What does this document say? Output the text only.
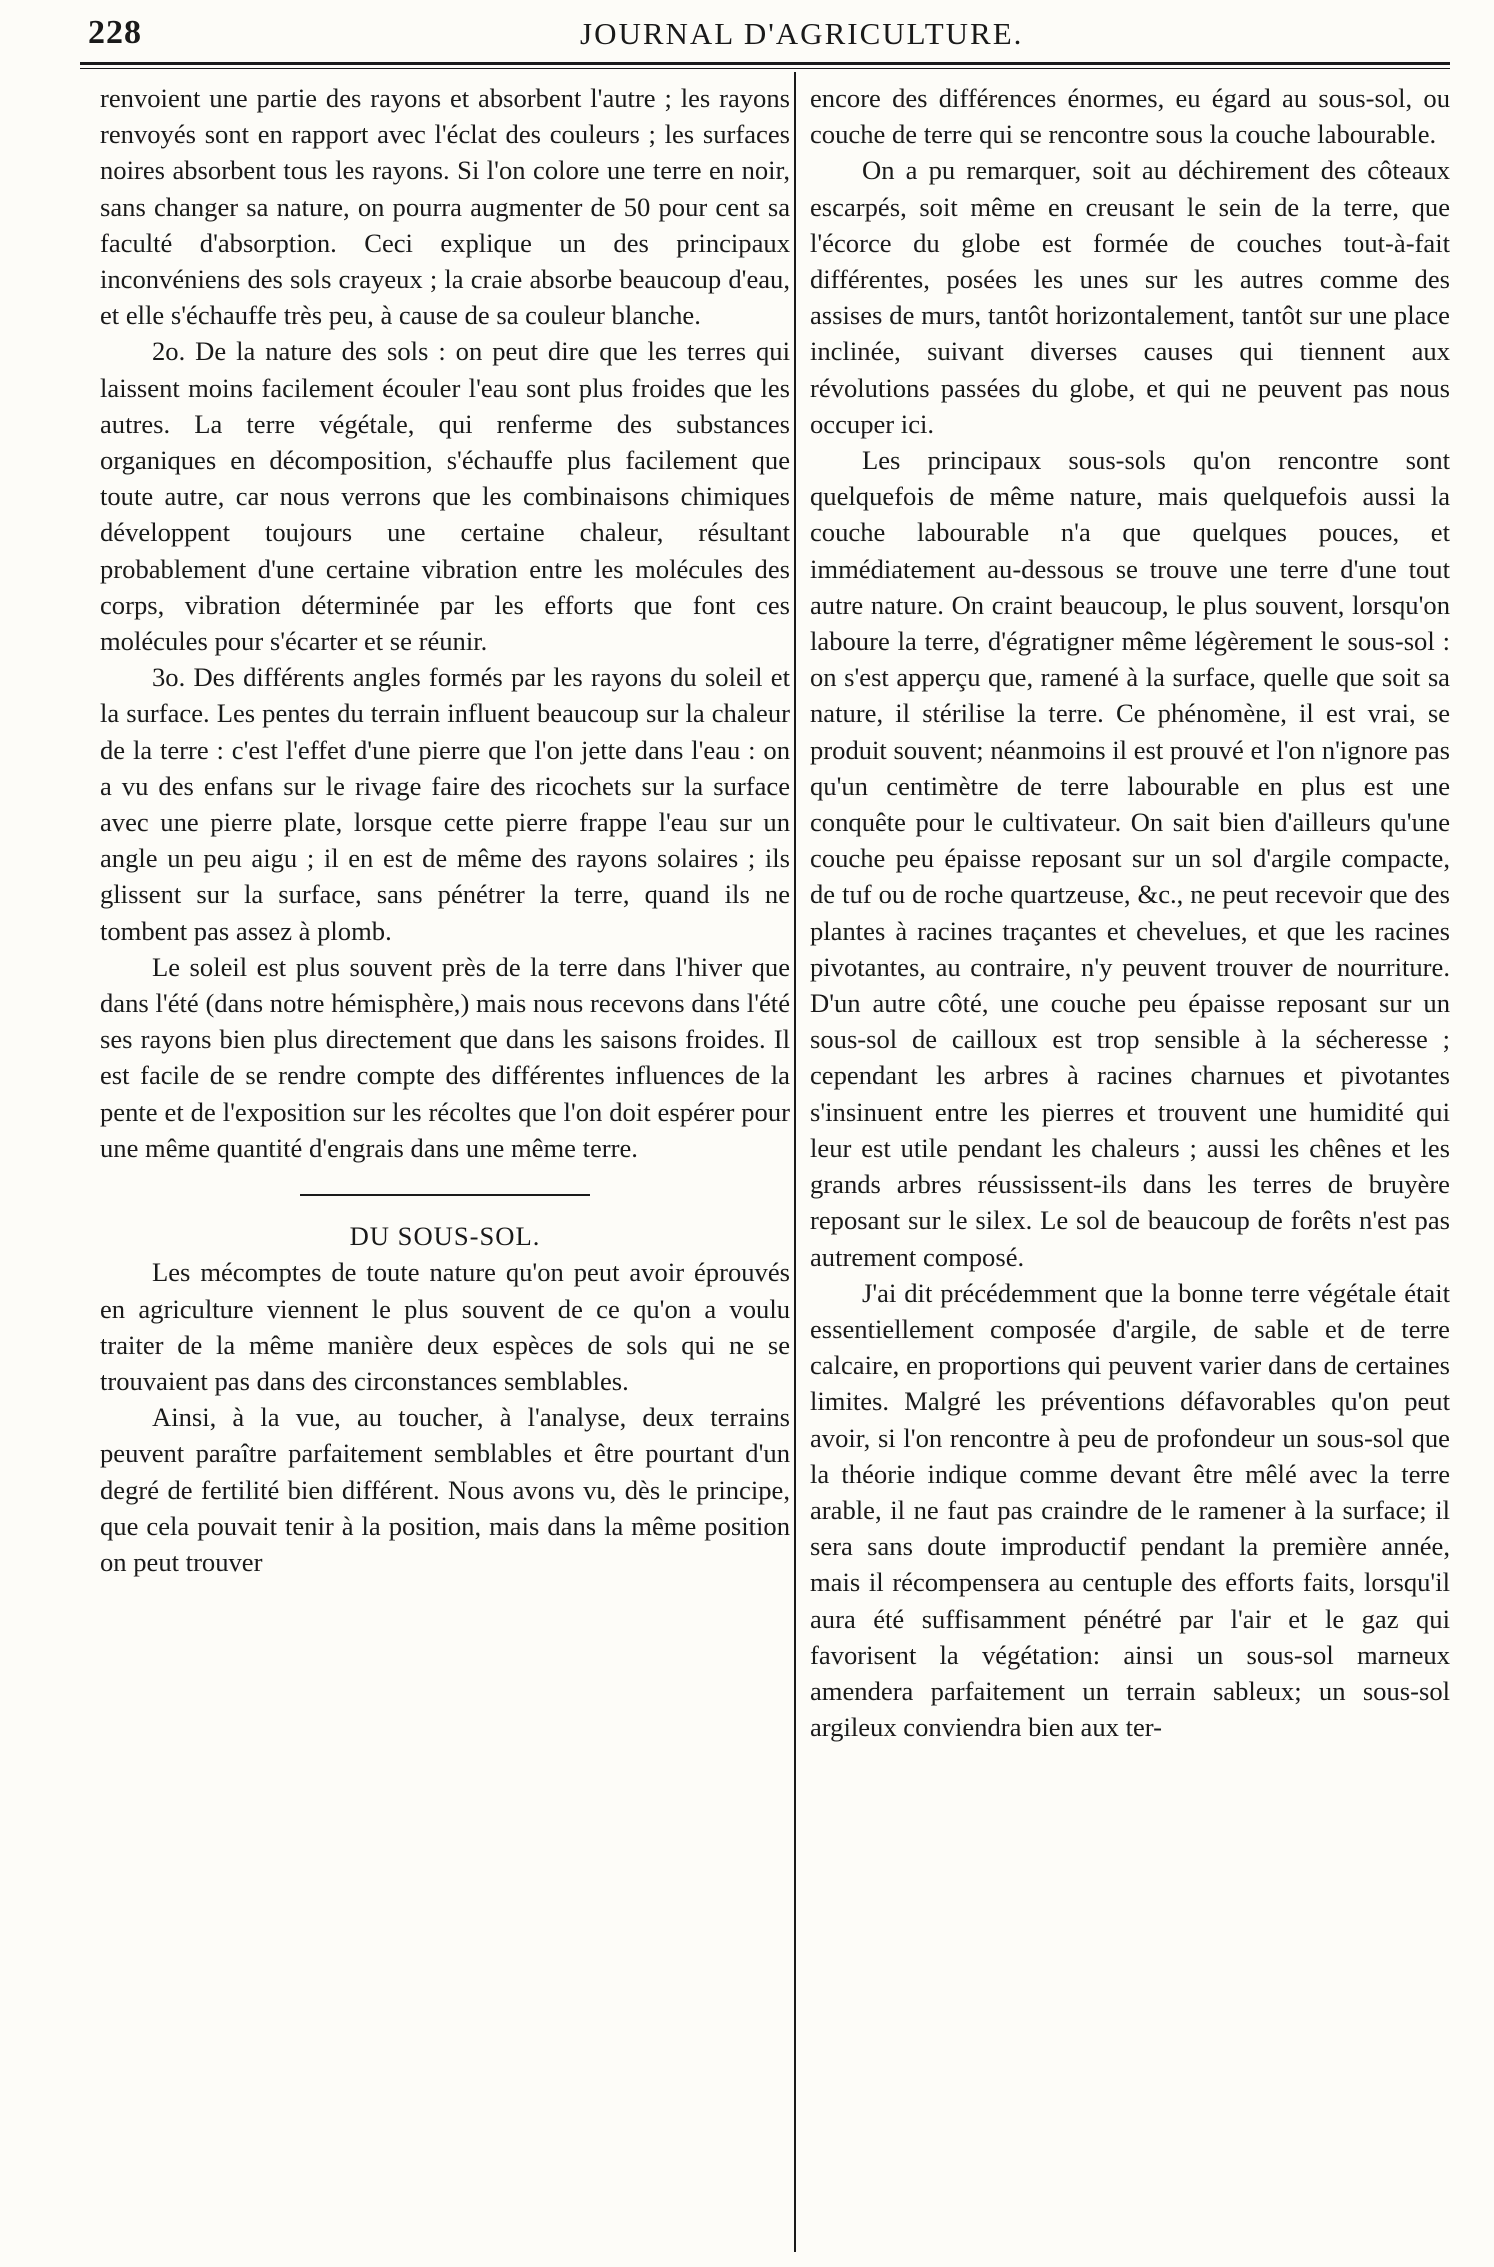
228	JOURNAL D'AGRICULTURE.

renvoient une partie des rayons et absorbent l'autre ; les rayons renvoyés sont en rapport avec l'éclat des couleurs ; les surfaces noires absorbent tous les rayons. Si l'on colore une terre en noir, sans changer sa nature, on pourra augmenter de 50 pour cent sa faculté d'absorption. Ceci explique un des principaux inconvéniens des sols crayeux ; la craie absorbe beaucoup d'eau, et elle s'échauffe très peu, à cause de sa couleur blanche.

2o. De la nature des sols : on peut dire que les terres qui laissent moins facilement écouler l'eau sont plus froides que les autres. La terre végétale, qui renferme des substances organiques en décomposition, s'échauffe plus facilement que toute autre, car nous verrons que les combinaisons chimiques développent toujours une certaine chaleur, résultant probablement d'une certaine vibration entre les molécules des corps, vibration déterminée par les efforts que font ces molécules pour s'écarter et se réunir.

3o. Des différents angles formés par les rayons du soleil et la surface. Les pentes du terrain influent beaucoup sur la chaleur de la terre : c'est l'effet d'une pierre que l'on jette dans l'eau : on a vu des enfans sur le rivage faire des ricochets sur la surface avec une pierre plate, lorsque cette pierre frappe l'eau sur un angle un peu aigu ; il en est de même des rayons solaires ; ils glissent sur la surface, sans pénétrer la terre, quand ils ne tombent pas assez à plomb.

Le soleil est plus souvent près de la terre dans l'hiver que dans l'été (dans notre hémisphère,) mais nous recevons dans l'été ses rayons bien plus directement que dans les saisons froides. Il est facile de se rendre compte des différentes influences de la pente et de l'exposition sur les récoltes que l'on doit espérer pour une même quantité d'engrais dans une même terre.

DU SOUS-SOL.

Les mécomptes de toute nature qu'on peut avoir éprouvés en agriculture viennent le plus souvent de ce qu'on a voulu traiter de la même manière deux espèces de sols qui ne se trouvaient pas dans des circonstances semblables.

Ainsi, à la vue, au toucher, à l'analyse, deux terrains peuvent paraître parfaitement semblables et être pourtant d'un degré de fertilité bien différent. Nous avons vu, dès le principe, que cela pouvait tenir à la position, mais dans la même position on peut trouver

encore des différences énormes, eu égard au sous-sol, ou couche de terre qui se rencontre sous la couche labourable.

On a pu remarquer, soit au déchirement des côteaux escarpés, soit même en creusant le sein de la terre, que l'écorce du globe est formée de couches tout-à-fait différentes, posées les unes sur les autres comme des assises de murs, tantôt horizontalement, tantôt sur une place inclinée, suivant diverses causes qui tiennent aux révolutions passées du globe, et qui ne peuvent pas nous occuper ici.

Les principaux sous-sols qu'on rencontre sont quelquefois de même nature, mais quelquefois aussi la couche labourable n'a que quelques pouces, et immédiatement au-dessous se trouve une terre d'une tout autre nature. On craint beaucoup, le plus souvent, lorsqu'on laboure la terre, d'égratigner même légèrement le sous-sol : on s'est apperçu que, ramené à la surface, quelle que soit sa nature, il stérilise la terre. Ce phénomène, il est vrai, se produit souvent; néanmoins il est prouvé et l'on n'ignore pas qu'un centimètre de terre labourable en plus est une conquête pour le cultivateur. On sait bien d'ailleurs qu'une couche peu épaisse reposant sur un sol d'argile compacte, de tuf ou de roche quartzeuse, &c., ne peut recevoir que des plantes à racines traçantes et chevelues, et que les racines pivotantes, au contraire, n'y peuvent trouver de nourriture. D'un autre côté, une couche peu épaisse reposant sur un sous-sol de cailloux est trop sensible à la sécheresse ; cependant les arbres à racines charnues et pivotantes s'insinuent entre les pierres et trouvent une humidité qui leur est utile pendant les chaleurs ; aussi les chênes et les grands arbres réussissent-ils dans les terres de bruyère reposant sur le silex. Le sol de beaucoup de forêts n'est pas autrement composé.

J'ai dit précédemment que la bonne terre végétale était essentiellement composée d'argile, de sable et de terre calcaire, en proportions qui peuvent varier dans de certaines limites. Malgré les préventions défavorables qu'on peut avoir, si l'on rencontre à peu de profondeur un sous-sol que la théorie indique comme devant être mêlé avec la terre arable, il ne faut pas craindre de le ramener à la surface; il sera sans doute improductif pendant la première année, mais il récompensera au centuple des efforts faits, lorsqu'il aura été suffisamment pénétré par l'air et le gaz qui favorisent la végétation: ainsi un sous-sol marneux amendera parfaitement un terrain sableux; un sous-sol argileux conviendra bien aux ter-
